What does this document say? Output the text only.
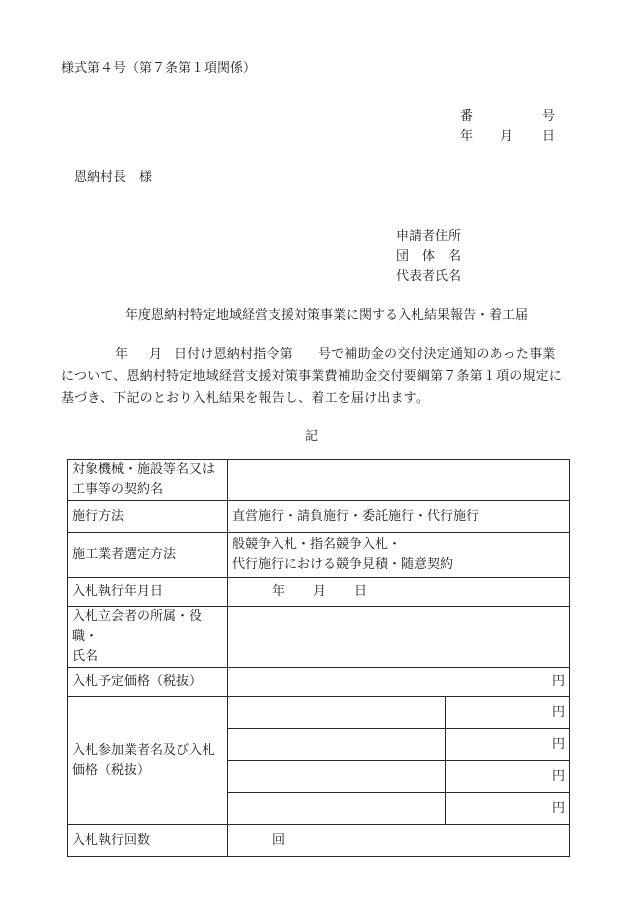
様式第４号（第７条第１項関係）
番	号
年 月 日
恩納村長　様
申請者住所
団　体　名
代表者氏名
年度恩納村特定地域経営支援対策事業に関する入札結果報告・着工届
年 月 日付け恩納村指令第 号で補助金の交付決定通知のあった事業

について、恩納村特定地域経営支援対策事業費補助金交付要綱第７条第１項の規定に
基づき、下記のとおり入札結果を報告し、着工を届け出ます。
記
対象機械・施設等名又は
工事等の契約名		

施行方法	直営施行・請負施行・委託施行・代行施行	
施工業者選定方法	般競争入札・指名競争入札・
代行施行における競争見積・随意契約	

入札執行年月日	年 月 日	

入札立会者の所属・役職・
氏名		

入札予定価格（税抜）	円	

入札参加業者名及び入札
価格（税抜）		円
		円
		円
		円
入札執行回数	回	
